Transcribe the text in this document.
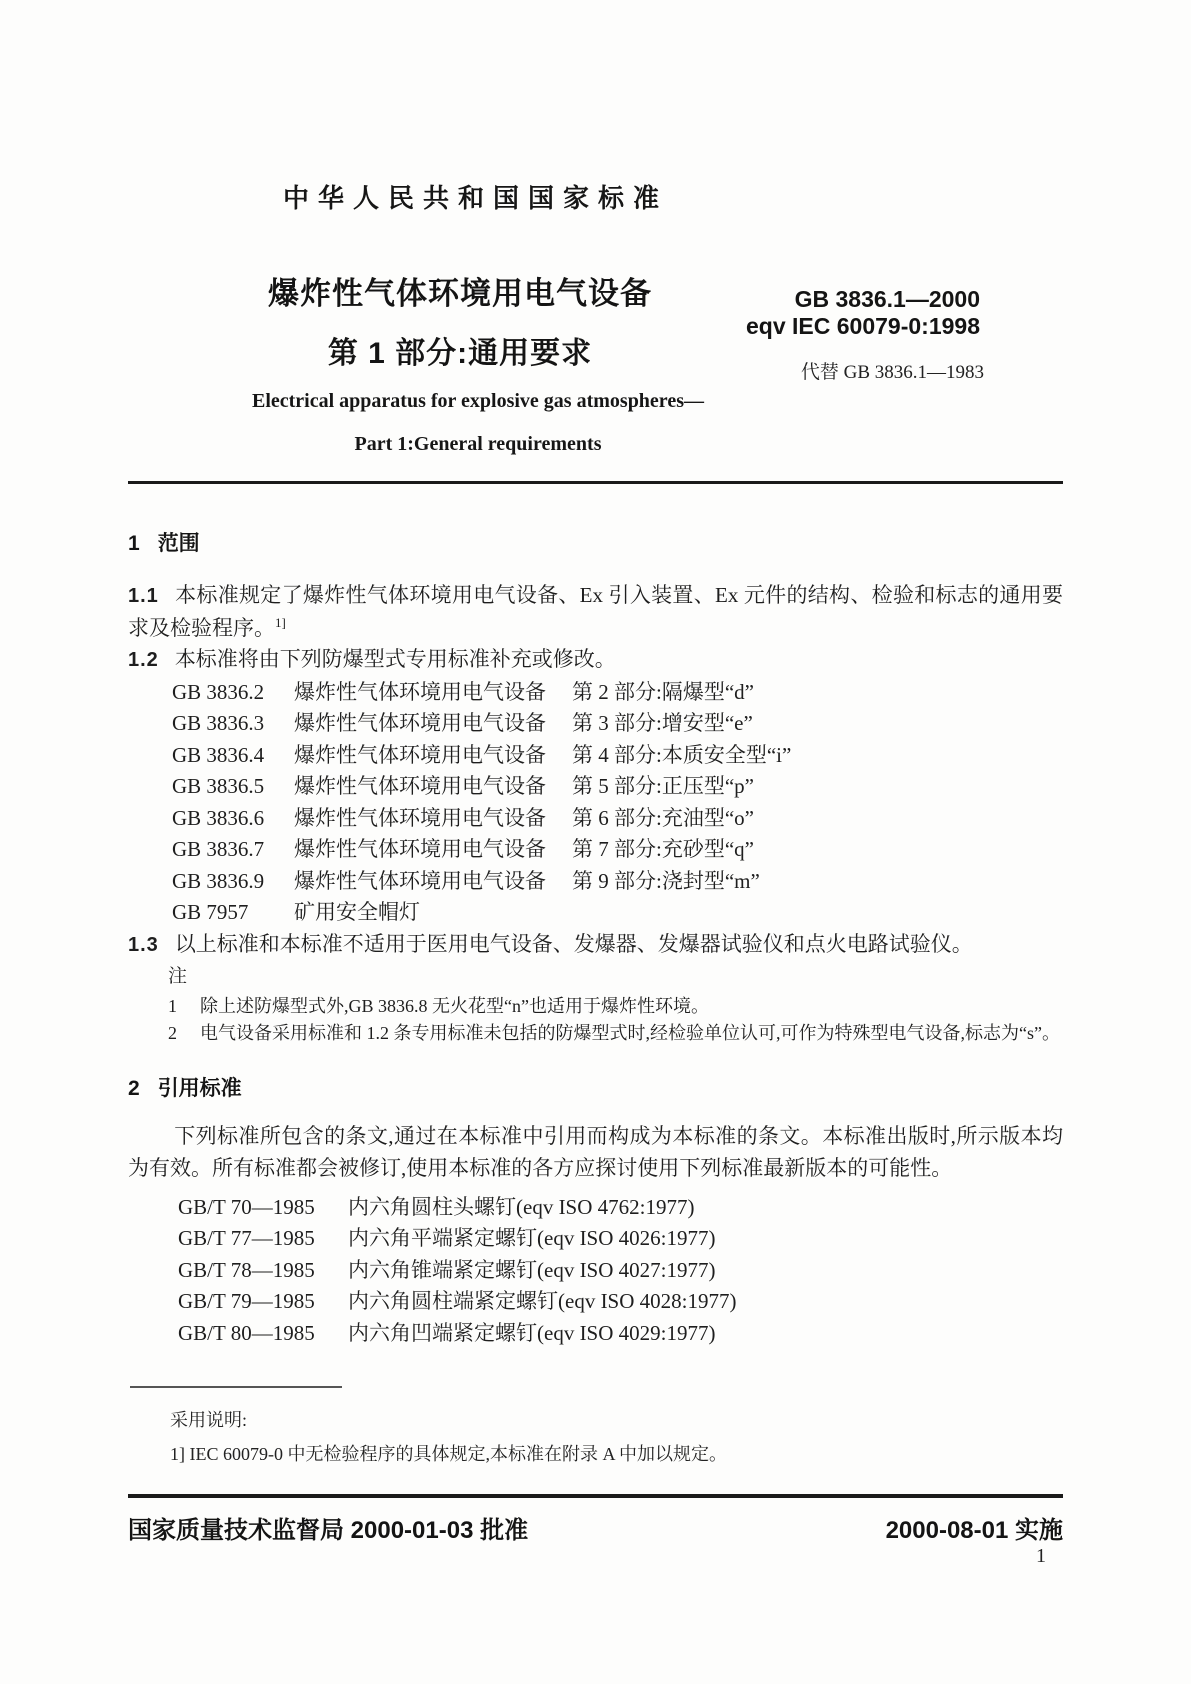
中华人民共和国国家标准
爆炸性气体环境用电气设备
第 1 部分:通用要求
GB 3836.1—2000
eqv IEC 60079-0:1998
代替 GB 3836.1—1983
Electrical apparatus for explosive gas atmospheres—
Part 1:General requirements
1 范围

1.1 本标准规定了爆炸性气体环境用电气设备、Ex 引入装置、Ex 元件的结构、检验和标志的通用要求及检验程序。$^{1]}$

1.2 本标准将由下列防爆型式专用标准补充或修改。

GB 3836.2	爆炸性气体环境用电气设备 第 2 部分:隔爆型“d”
GB 3836.3	爆炸性气体环境用电气设备 第 3 部分:增安型“e”
GB 3836.4	爆炸性气体环境用电气设备 第 4 部分:本质安全型“i”
GB 3836.5	爆炸性气体环境用电气设备 第 5 部分:正压型“p”
GB 3836.6	爆炸性气体环境用电气设备 第 6 部分:充油型“o”
GB 3836.7	爆炸性气体环境用电气设备 第 7 部分:充砂型“q”
GB 3836.9	爆炸性气体环境用电气设备 第 9 部分:浇封型“m”
GB 7957	矿用安全帽灯

1.3 以上标准和本标准不适用于医用电气设备、发爆器、发爆器试验仪和点火电路试验仪。

注
1	除上述防爆型式外,GB 3836.8 无火花型“n”也适用于爆炸性环境。
2	电气设备采用标准和 1.2 条专用标准未包括的防爆型式时,经检验单位认可,可作为特殊型电气设备,标志为“s”。
2 引用标准

下列标准所包含的条文,通过在本标准中引用而构成为本标准的条文。本标准出版时,所示版本均为有效。所有标准都会被修订,使用本标准的各方应探讨使用下列标准最新版本的可能性。

GB/T 70—1985	内六角圆柱头螺钉(eqv ISO 4762:1977)
GB/T 77—1985	内六角平端紧定螺钉(eqv ISO 4026:1977)
GB/T 78—1985	内六角锥端紧定螺钉(eqv ISO 4027:1977)
GB/T 79—1985	内六角圆柱端紧定螺钉(eqv ISO 4028:1977)
GB/T 80—1985	内六角凹端紧定螺钉(eqv ISO 4029:1977)
采用说明:
1] IEC 60079-0 中无检验程序的具体规定,本标准在附录 A 中加以规定。
国家质量技术监督局 2000-01-03 批准	2000-08-01 实施
1
